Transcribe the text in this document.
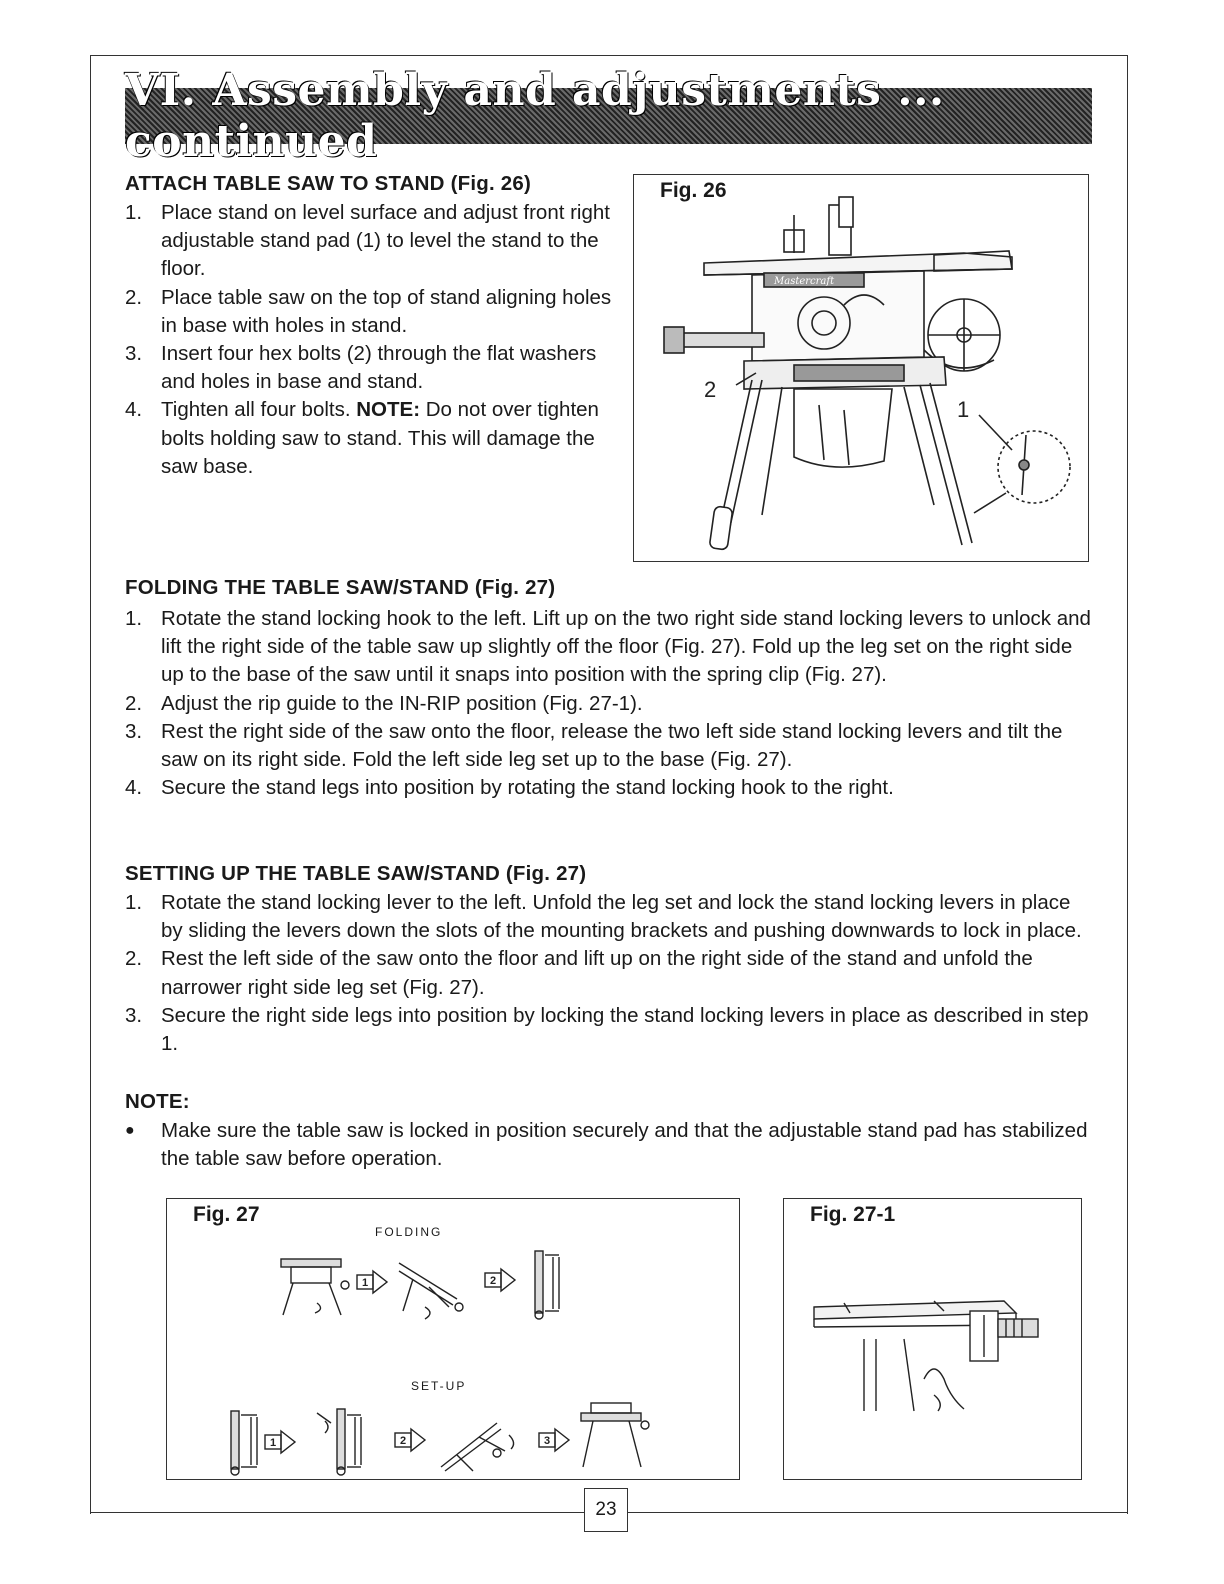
23
VI. Assembly and adjustments ... continued
ATTACH TABLE SAW TO STAND (Fig. 26)
1. Place stand on level surface and adjust front right adjustable stand pad (1) to level the stand to the floor.
2. Place table saw on the top of stand aligning holes in base with holes in stand.
3. Insert four hex bolts (2) through the flat washers and holes in base and stand.
4. Tighten all four bolts. NOTE: Do not over tighten bolts holding saw to stand. This will damage the saw base.
Fig. 26
2
1
Mastercraft
FOLDING THE TABLE SAW/STAND (Fig. 27)
1. Rotate the stand locking hook to the left. Lift up on the two right side stand locking levers to unlock and lift the right side of the table saw up slightly off the floor (Fig. 27). Fold up the leg set on the right side up to the base of the saw until it snaps into position with the spring clip (Fig. 27).
2. Adjust the rip guide to the IN-RIP position (Fig. 27-1).
3. Rest the right side of the saw onto the floor, release the two left side stand locking levers and tilt the saw on its right side. Fold the left side leg set up to the base (Fig. 27).
4. Secure the stand legs into position by rotating the stand locking hook to the right.
SETTING UP THE TABLE SAW/STAND (Fig. 27)
1. Rotate the stand locking lever to the left. Unfold the leg set and lock the stand locking levers in place by sliding the levers down the slots of the mounting brackets and pushing downwards to lock in place.
2. Rest the left side of the saw onto the floor and lift up on the right side of the stand and unfold the narrower right side leg set (Fig. 27).
3. Secure the right side legs into position by locking the stand locking levers in place as described in step 1.
NOTE:
● Make sure the table saw is locked in position securely and that the adjustable stand pad has stabilized the table saw before operation.
Fig. 27
FOLDING
SET-UP
1	2
1	2	3
Fig. 27-1
